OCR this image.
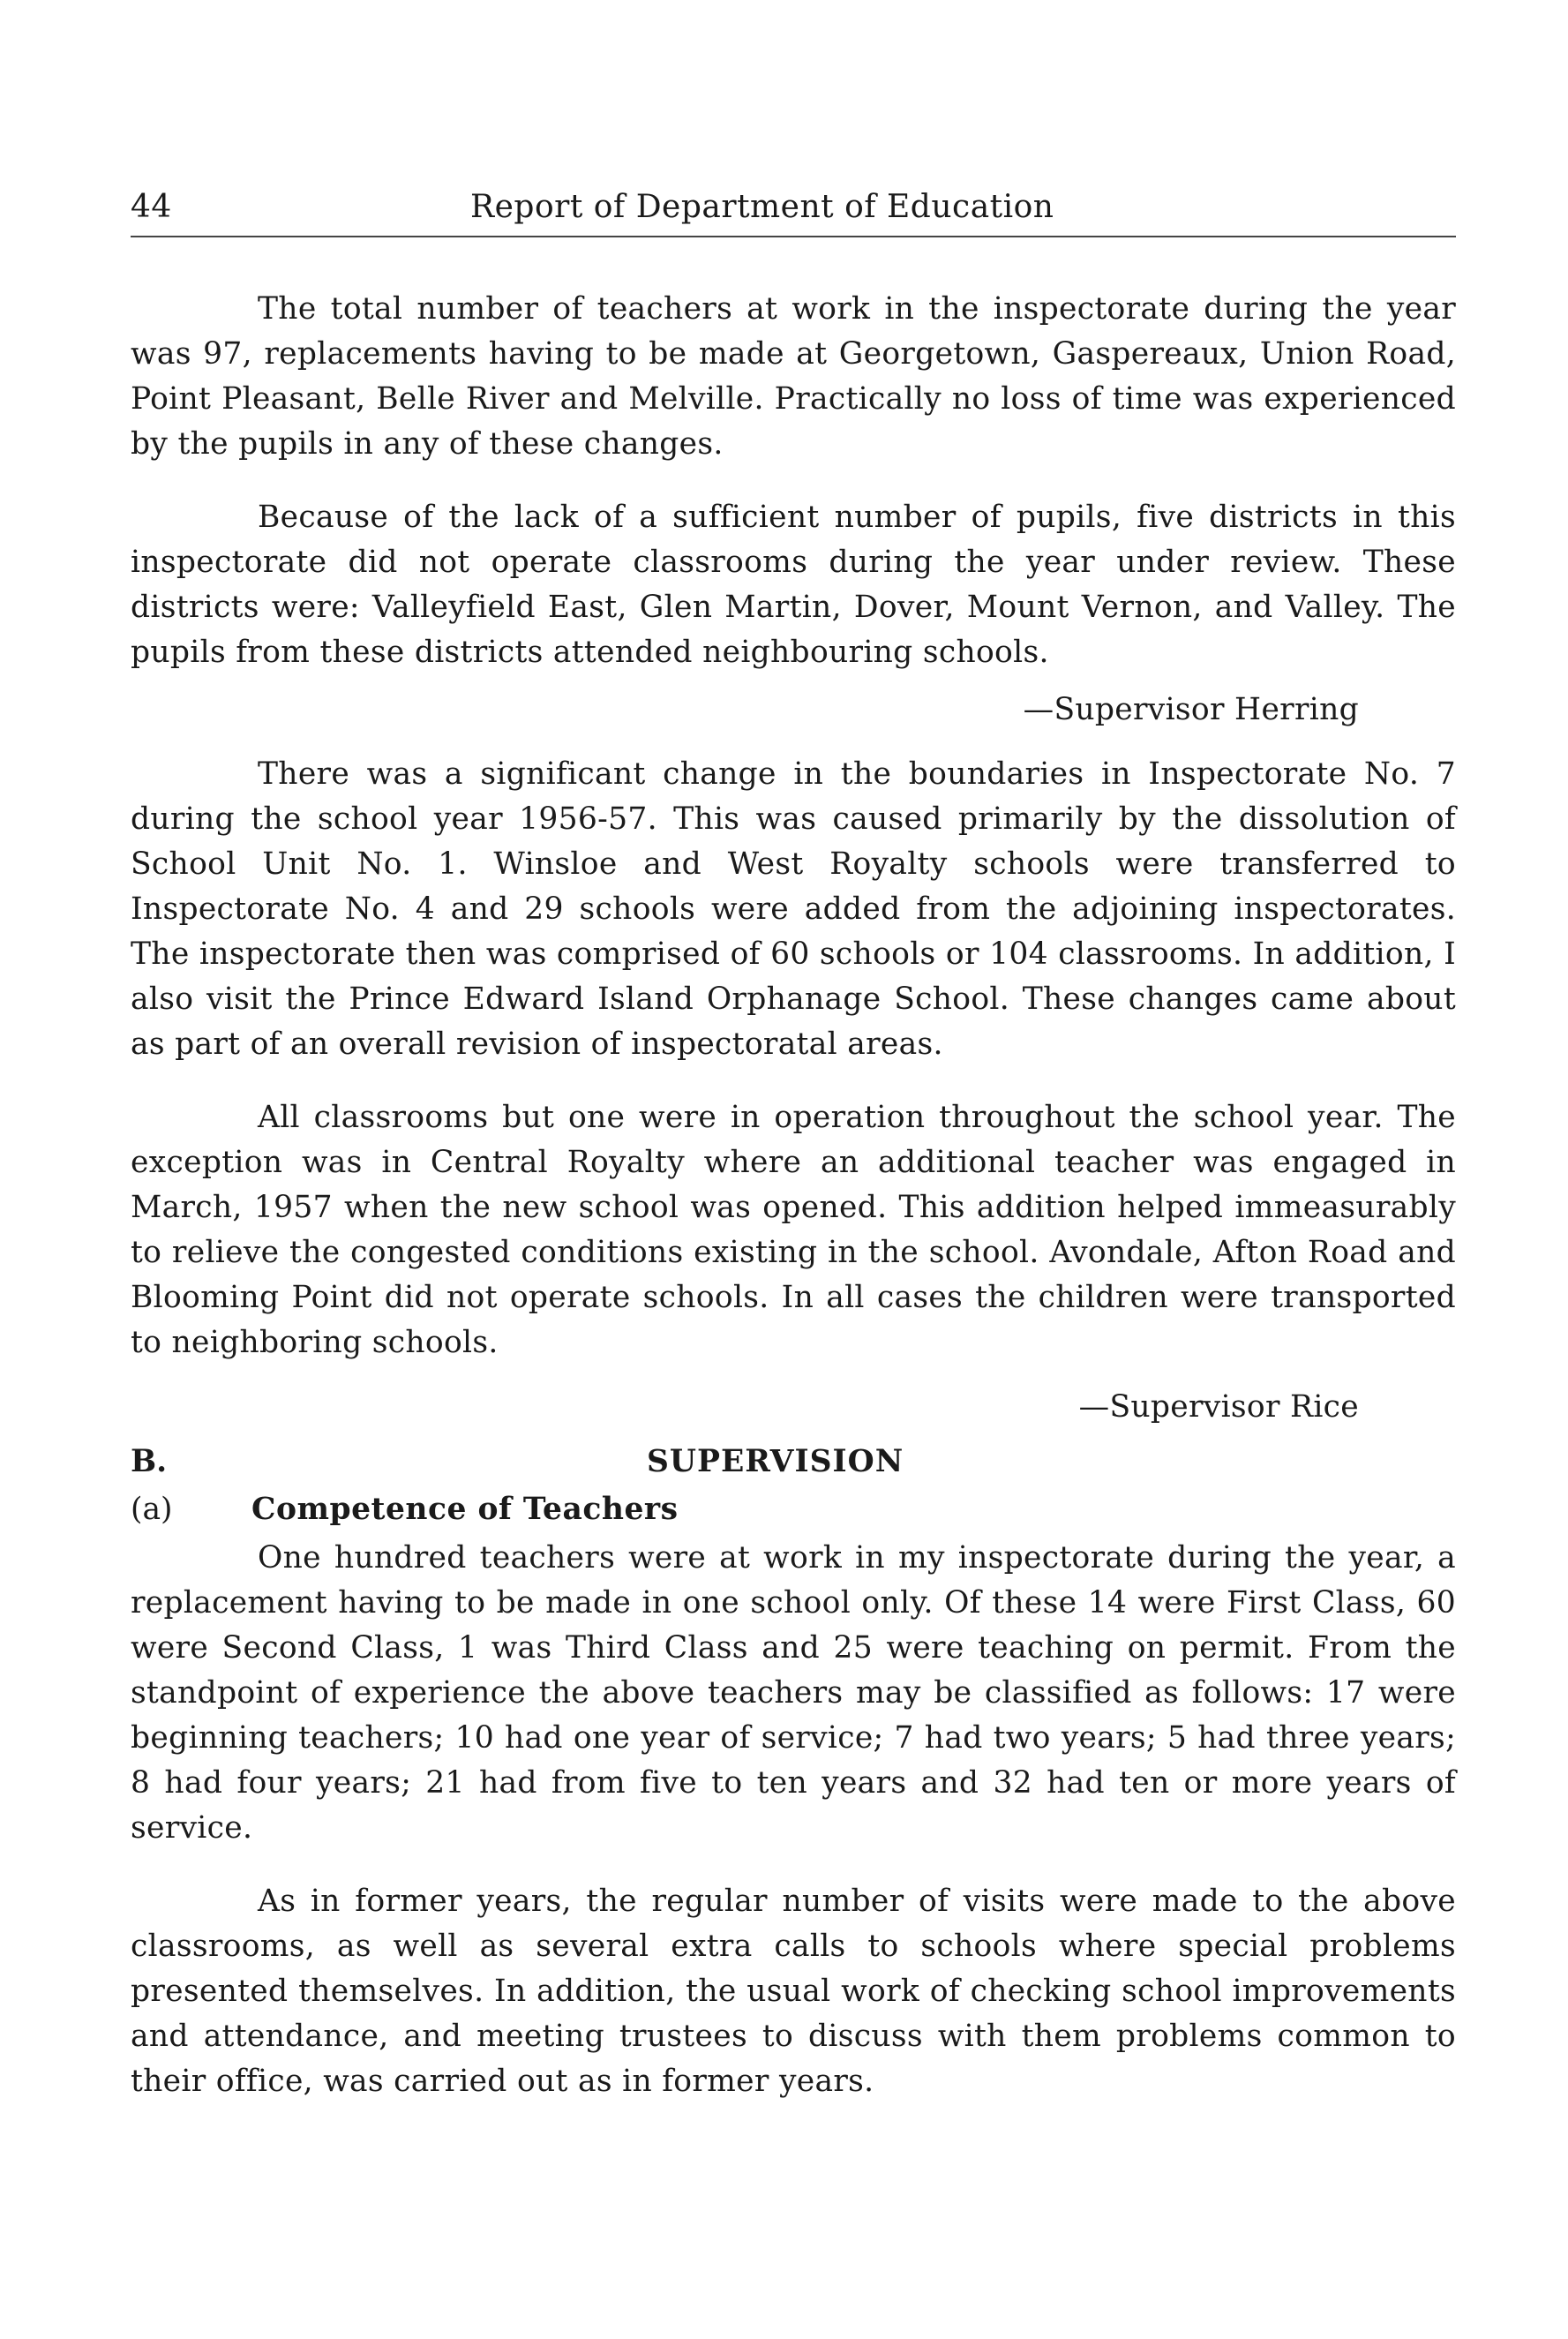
44	Report of Department of Education

The total number of teachers at work in the inspectorate during the year was 97, replacements having to be made at Georgetown, Gaspereaux, Union Road, Point Pleasant, Belle River and Melville. Practically no loss of time was experienced by the pupils in any of these changes.

Because of the lack of a sufficient number of pupils, five districts in this inspectorate did not operate classrooms during the year under review. These districts were: Valleyfield East, Glen Martin, Dover, Mount Vernon, and Valley. The pupils from these districts attended neighbouring schools.

—Supervisor Herring

There was a significant change in the boundaries in Inspectorate No. 7 during the school year 1956-57. This was caused primarily by the dissolution of School Unit No. 1. Winsloe and West Royalty schools were transferred to Inspectorate No. 4 and 29 schools were added from the adjoining inspectorates. The inspectorate then was comprised of 60 schools or 104 classrooms. In addition, I also visit the Prince Edward Island Orphanage School. These changes came about as part of an overall revision of inspectoratal areas.

All classrooms but one were in operation throughout the school year. The exception was in Central Royalty where an additional teacher was engaged in March, 1957 when the new school was opened. This addition helped immeasurably to relieve the congested conditions existing in the school. Avondale, Afton Road and Blooming Point did not operate schools. In all cases the children were transported to neighboring schools.

—Supervisor Rice
B.	SUPERVISION
(a)	Competence of Teachers

One hundred teachers were at work in my inspectorate during the year, a replacement having to be made in one school only. Of these 14 were First Class, 60 were Second Class, 1 was Third Class and 25 were teaching on permit. From the standpoint of experience the above teachers may be classified as follows: 17 were beginning teachers; 10 had one year of service; 7 had two years; 5 had three years; 8 had four years; 21 had from five to ten years and 32 had ten or more years of service.

As in former years, the regular number of visits were made to the above classrooms, as well as several extra calls to schools where special problems presented themselves. In addition, the usual work of checking school improvements and attendance, and meeting trustees to discuss with them problems common to their office, was carried out as in former years.
